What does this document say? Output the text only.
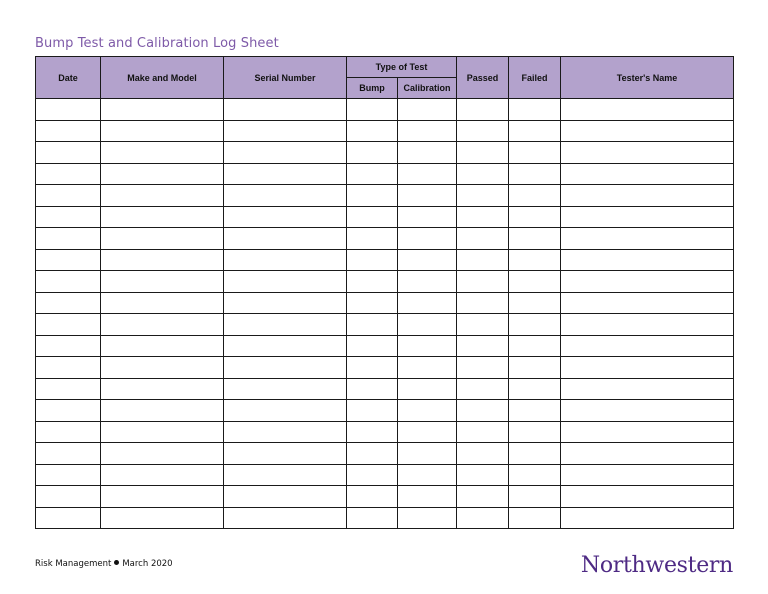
Bump Test and Calibration Log Sheet
Date	Make and Model	Serial Number	Type of Test		Passed	Failed	Tester's Name
			Bump	Calibration			

Risk Management March 2020	Northwestern
